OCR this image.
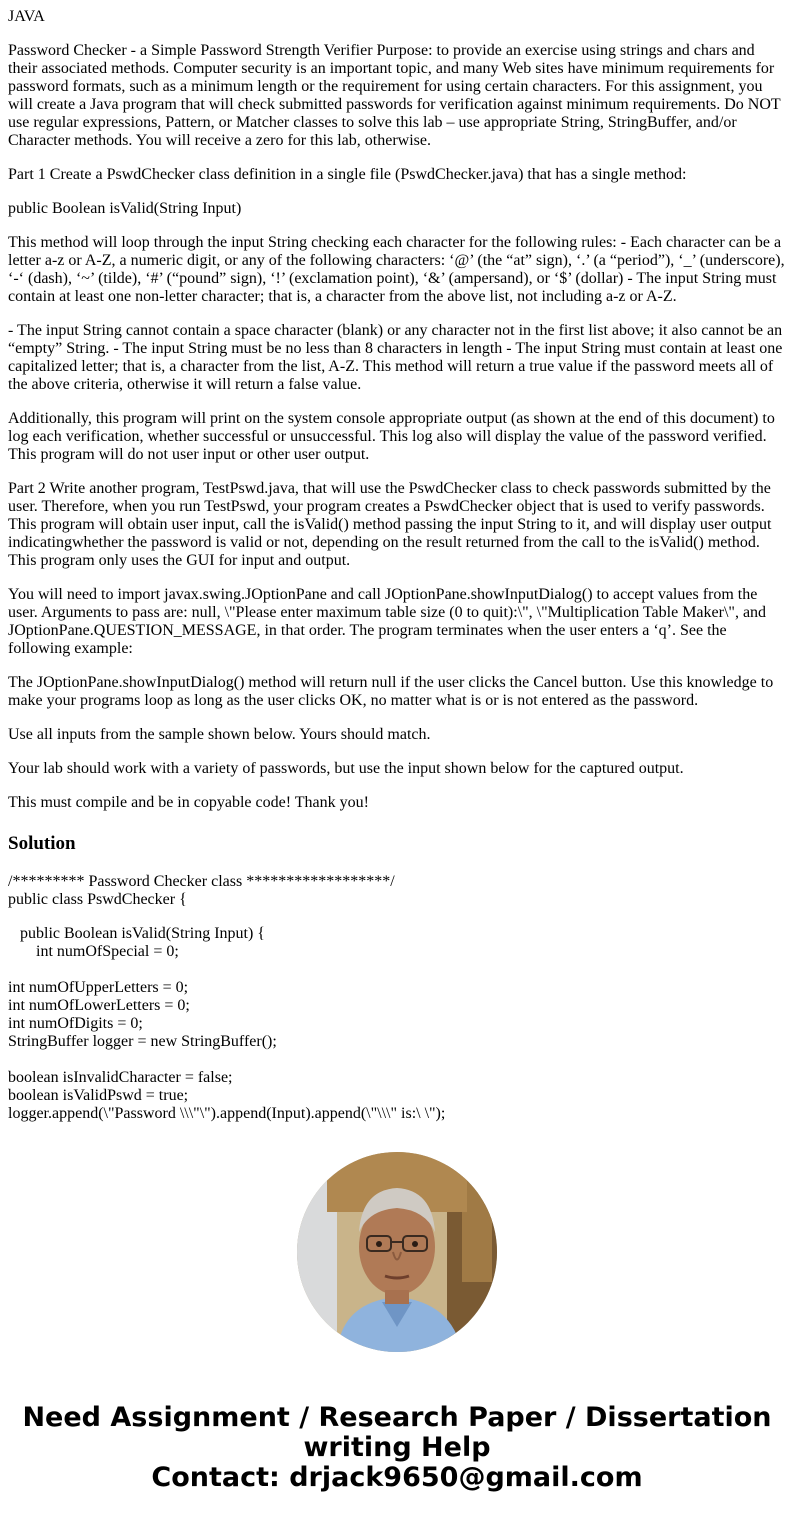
JAVA

Password Checker - a Simple Password Strength Verifier Purpose: to provide an exercise using strings and chars and their associated methods. Computer security is an important topic, and many Web sites have minimum requirements for password formats, such as a minimum length or the requirement for using certain characters. For this assignment, you will create a Java program that will check submitted passwords for verification against minimum requirements. Do NOT use regular expressions, Pattern, or Matcher classes to solve this lab – use appropriate String, StringBuffer, and/or Character methods. You will receive a zero for this lab, otherwise.

Part 1 Create a PswdChecker class definition in a single file (PswdChecker.java) that has a single method:

public Boolean isValid(String Input)

This method will loop through the input String checking each character for the following rules: - Each character can be a letter a-z or A-Z, a numeric digit, or any of the following characters: ‘@’ (the “at” sign), ‘.’ (a “period”), ‘_’ (underscore), ‘-‘ (dash), ‘~’ (tilde), ‘#’ (“pound” sign), ‘!’ (exclamation point), ‘&’ (ampersand), or ‘$’ (dollar) - The input String must contain at least one non-letter character; that is, a character from the above list, not including a-z or A-Z.

- The input String cannot contain a space character (blank) or any character not in the first list above; it also cannot be an “empty” String. - The input String must be no less than 8 characters in length - The input String must contain at least one capitalized letter; that is, a character from the list, A-Z. This method will return a true value if the password meets all of the above criteria, otherwise it will return a false value.

Additionally, this program will print on the system console appropriate output (as shown at the end of this document) to log each verification, whether successful or unsuccessful. This log also will display the value of the password verified. This program will do not user input or other user output.

Part 2 Write another program, TestPswd.java, that will use the PswdChecker class to check passwords submitted by the user. Therefore, when you run TestPswd, your program creates a PswdChecker object that is used to verify passwords. This program will obtain user input, call the isValid() method passing the input String to it, and will display user output indicatingwhether the password is valid or not, depending on the result returned from the call to the isValid() method. This program only uses the GUI for input and output.

You will need to import javax.swing.JOptionPane and call JOptionPane.showInputDialog() to accept values from the user. Arguments to pass are: null, \"Please enter maximum table size (0 to quit):\", \"Multiplication Table Maker\", and JOptionPane.QUESTION_MESSAGE, in that order. The program terminates when the user enters a ‘q’. See the following example:

The JOptionPane.showInputDialog() method will return null if the user clicks the Cancel button. Use this knowledge to make your programs loop as long as the user clicks OK, no matter what is or is not entered as the password.

Use all inputs from the sample shown below. Yours should match.

Your lab should work with a variety of passwords, but use the input shown below for the captured output.

This must compile and be in copyable code! Thank you!

Solution
/********* Password Checker class ******************/
public class PswdChecker {
public Boolean isValid(String Input) {
int numOfSpecial = 0;
int numOfUpperLetters = 0;
int numOfLowerLetters = 0;
int numOfDigits = 0;
StringBuffer logger = new StringBuffer();
boolean isInvalidCharacter = false;
boolean isValidPswd = true;
logger.append(\"Password \\\"\").append(Input).append(\"\\\" is:\ \");
Need Assignment / Research Paper / Dissertation
writing Help
Contact: drjack9650@gmail.com
